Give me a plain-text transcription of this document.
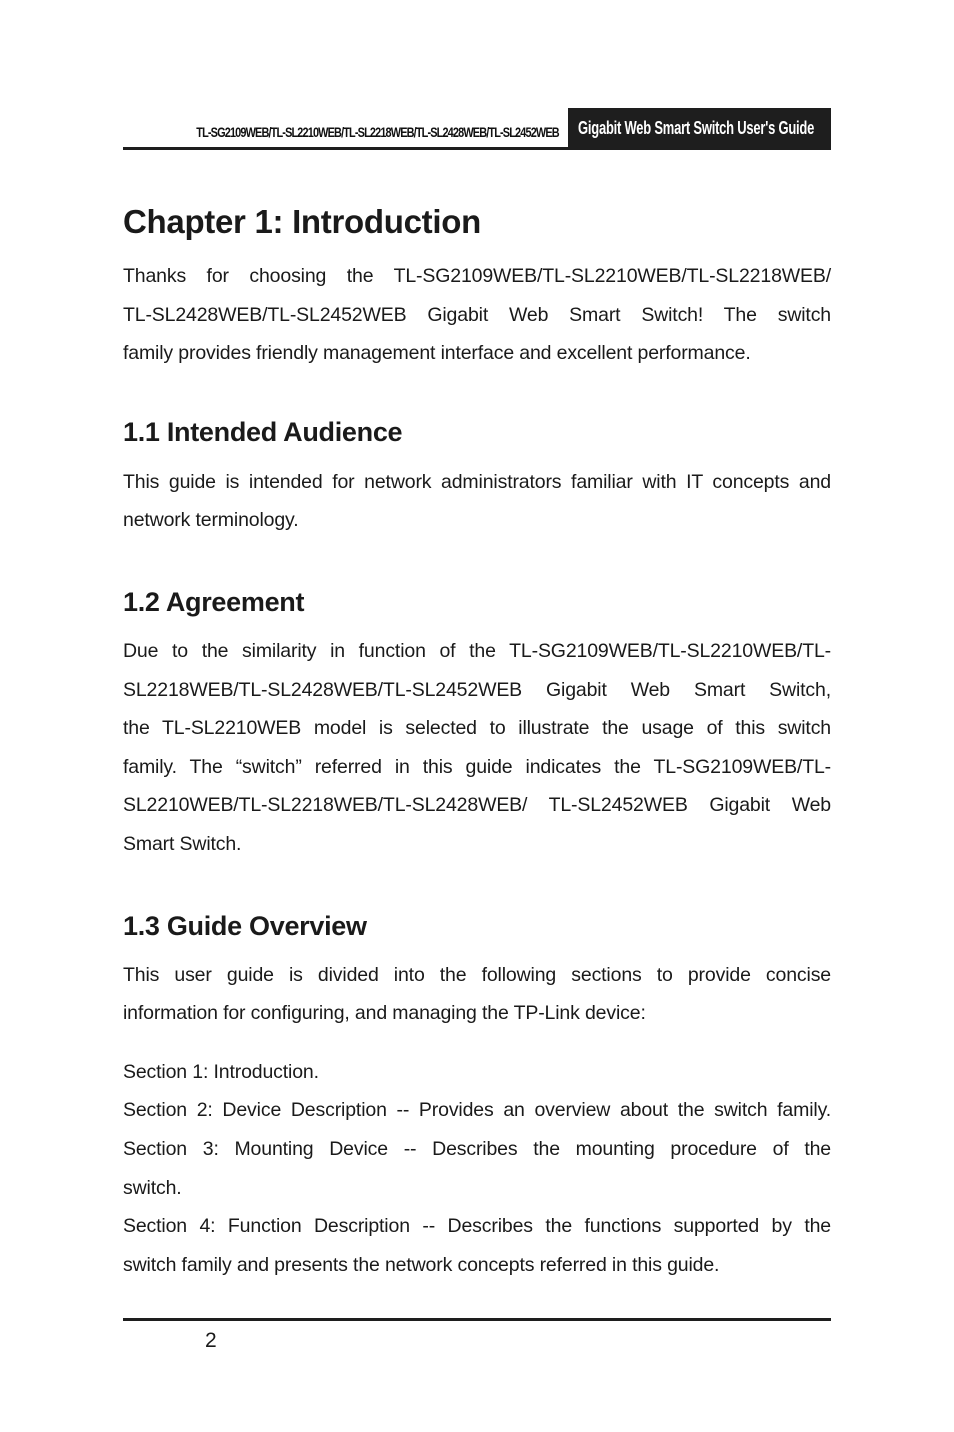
TL-SG2109WEB/TL-SL2210WEB/TL-SL2218WEB/TL-SL2428WEB/TL-SL2452WEB Gigabit Web Smart Switch User's Guide
Chapter 1: Introduction

Thanks for choosing the TL-SG2109WEB/TL-SL2210WEB/TL-SL2218WEB/

TL-SL2428WEB/TL-SL2452WEB Gigabit Web Smart Switch! The switch

family provides friendly management interface and excellent performance.

1.1 Intended Audience

This guide is intended for network administrators familiar with IT concepts and

network terminology.

1.2 Agreement

Due to the similarity in function of the TL-SG2109WEB/TL-SL2210WEB/TL-

SL2218WEB/TL-SL2428WEB/TL-SL2452WEB Gigabit Web Smart Switch,

the TL-SL2210WEB model is selected to illustrate the usage of this switch

family. The “switch” referred in this guide indicates the TL-SG2109WEB/TL-

SL2210WEB/TL-SL2218WEB/TL-SL2428WEB/ TL-SL2452WEB Gigabit Web

Smart Switch.

1.3 Guide Overview

This user guide is divided into the following sections to provide concise

information for configuring, and managing the TP-Link device:

Section 1: Introduction.

Section 2: Device Description -- Provides an overview about the switch family.

Section 3: Mounting Device -- Describes the mounting procedure of the

switch.

Section 4: Function Description -- Describes the functions supported by the

switch family and presents the network concepts referred in this guide.

2
